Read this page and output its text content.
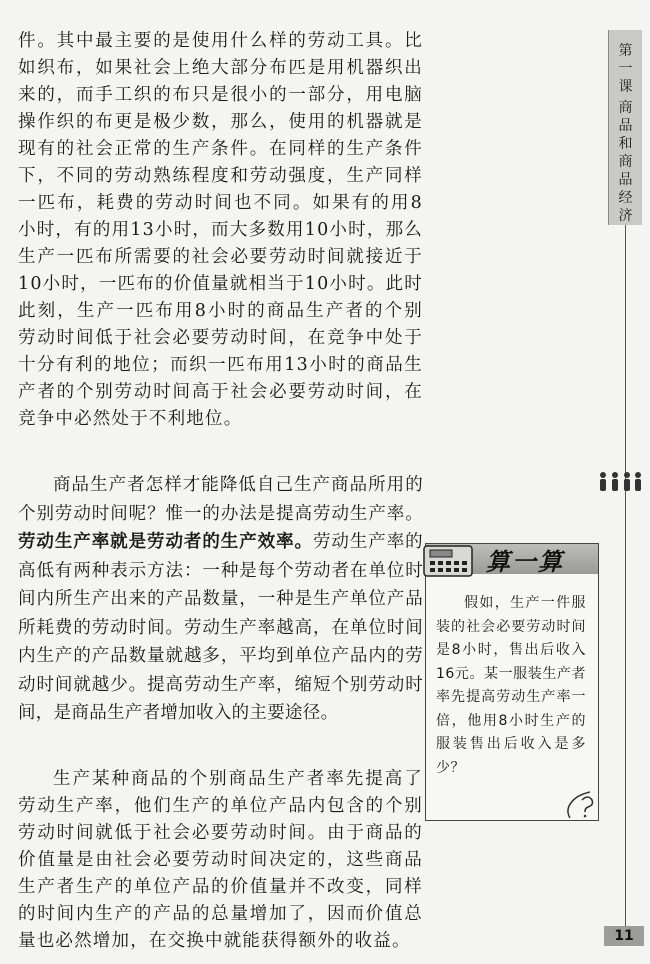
件。其中最主要的是使用什么样的劳动工具。比如织布，如果社会上绝大部分布匹是用机器织出来的，而手工织的布只是很小的一部分，用电脑操作织的布更是极少数，那么，使用的机器就是现有的社会正常的生产条件。在同样的生产条件下，不同的劳动熟练程度和劳动强度，生产同样一匹布，耗费的劳动时间也不同。如果有的用8小时，有的用13小时，而大多数用10小时，那么生产一匹布所需要的社会必要劳动时间就接近于10小时，一匹布的价值量就相当于10小时。此时此刻，生产一匹布用8小时的商品生产者的个别劳动时间低于社会必要劳动时间，在竞争中处于十分有利的地位；而织一匹布用13小时的商品生产者的个别劳动时间高于社会必要劳动时间，在竞争中必然处于不利地位。

商品生产者怎样才能降低自己生产商品所用的个别劳动时间呢？惟一的办法是提高劳动生产率。劳动生产率就是劳动者的生产效率。劳动生产率的高低有两种表示方法：一种是每个劳动者在单位时间内所生产出来的产品数量，一种是生产单位产品所耗费的劳动时间。劳动生产率越高，在单位时间内生产的产品数量就越多，平均到单位产品内的劳动时间就越少。提高劳动生产率，缩短个别劳动时间，是商品生产者增加收入的主要途径。

生产某种商品的个别商品生产者率先提高了劳动生产率，他们生产的单位产品内包含的个别劳动时间就低于社会必要劳动时间。由于商品的价值量是由社会必要劳动时间决定的，这些商品生产者生产的单位产品的价值量并不改变，同样的时间内生产的产品的总量增加了，因而价值总量也必然增加，在交换中就能获得额外的收益。

第
一
课
商
品
和
商
品
经
济
算一算
假如，生产一件服装的社会必要劳动时间是8小时，售出后收入16元。某一服装生产者率先提高劳动生产率一倍，他用8小时生产的服装售出后收入是多少？
11
